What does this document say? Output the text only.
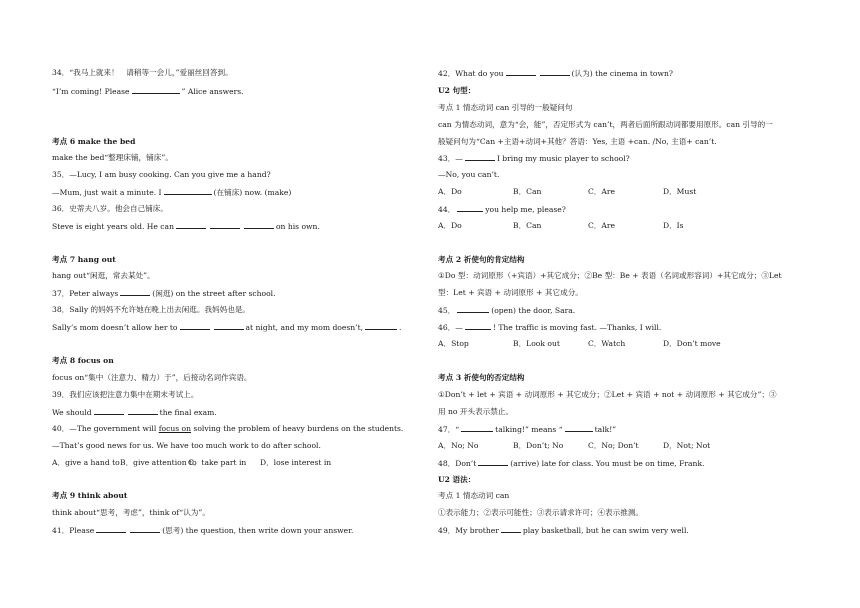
34．“我马上就来！　请稍等一会儿，”爱丽丝回答到。
“I’m coming! Please	” Alice answers.
考点 6 make the bed
make the bed“整理床铺，铺床”。
35．—Lucy, I am busy cooking. Can you give me a hand?
—Mum, just wait a minute. I	(在铺床) now. (make)
36．史蒂夫八岁。他会自己铺床。
Steve is eight years old. He can	on his own.
考点 7 hang out
hang out“闲逛，常去某处”。
37．Peter always	(闲逛) on the street after school.
38．Sally 的妈妈不允许她在晚上出去闲逛。我妈妈也是。
Sally’s mom doesn’t allow her to	at night, and my mom doesn’t,	.
考点 8 focus on
focus on“集中（注意力、精力）于”，后接动名词作宾语。
39．我们应该把注意力集中在期末考试上。
We should	the final exam.
40．—The government will focus on solving the problem of heavy burdens on the students.
—That’s good news for us. We have too much work to do after school.
A．give a hand toB．give attention toC．take part in D．lose interest in
考点 9 think about
think about“思考，考虑”，think of“认为”。
41．Please	(思考) the question, then write down your answer.
42．What do you	(认为) the cinema in town?
U2 句型：
考点 1 情态动词 can 引导的一般疑问句
can 为情态动词，意为“会，能”，否定形式为 can’t，两者后面所跟动词都要用原形。can 引导的一
般疑问句为“Can +主语+动词+其他？答语：Yes, 主语 +can. /No, 主语+ can’t.
43．—	I bring my music player to school?
—No, you can’t.
A．Do	B．Can	C．Are	D．Must
44．	you help me, please?
A．Do	B．Can	C．Are	D．Is
考点 2 祈使句的肯定结构
①Do 型：动词原形（+宾语）+其它成分；②Be 型：Be + 表语（名词或形容词）+其它成分；③Let
型：Let + 宾语 + 动词原形 + 其它成分。
45．	(open) the door, Sara.
46．—	! The traffic is moving fast. —Thanks, I will.
A．Stop	B．Look out	C．Watch	D．Don’t move
考点 3 祈使句的否定结构
①Don’t + let + 宾语 + 动词原形 + 其它成分；②Let + 宾语 + not + 动词原形 + 其它成分”；③
用 no 开头表示禁止。
47．“	talking!” means “	talk!”
A．No; No	B．Don’t; No	C．No; Don’t	D．Not; Not
48．Don’t	(arrive) late for class. You must be on time, Frank.
U2 语法：
考点 1 情态动词 can
①表示能力；②表示可能性；③表示请求许可；④表示推测。
49．My brother	play basketball, but he can swim very well.
